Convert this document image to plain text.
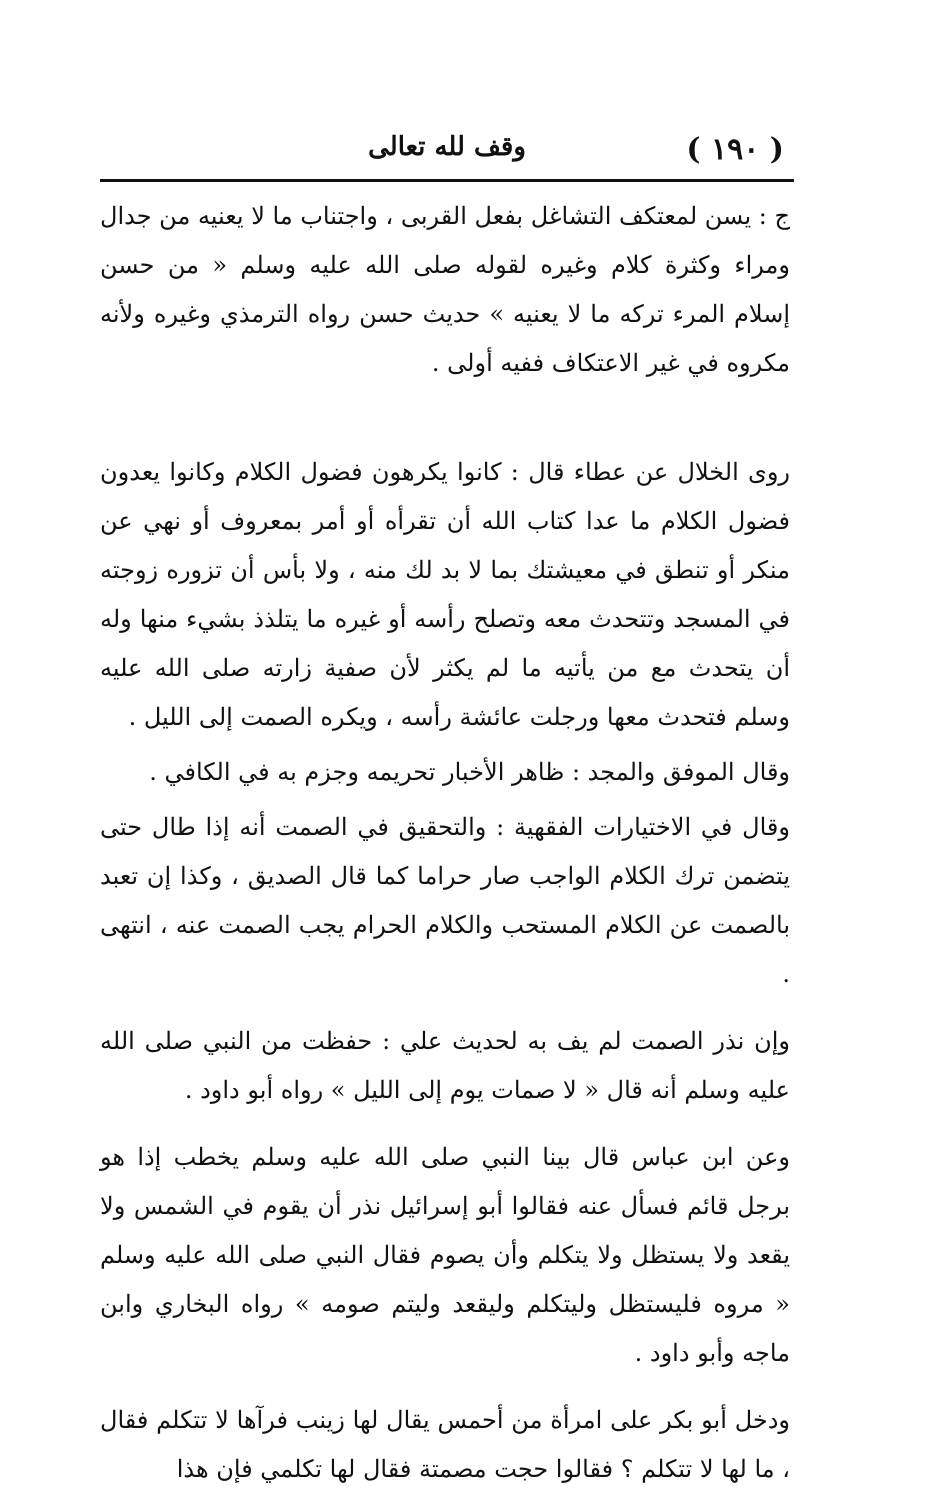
( ١٩٠ )
وقف لله تعالى

ج : يسن لمعتكف التشاغل بفعل القربى ، واجتناب ما لا يعنيه من جدال ومراء وكثرة كلام وغيره لقوله صلى الله عليه وسلم « من حسن إسلام المرء تركه ما لا يعنيه » حديث حسن رواه الترمذي وغيره ولأنه مكروه في غير الاعتكاف ففيه أولى .

روى الخلال عن عطاء قال : كانوا يكرهون فضول الكلام وكانوا يعدون فضول الكلام ما عدا كتاب الله أن تقرأه أو أمر بمعروف أو نهي عن منكر أو تنطق في معيشتك بما لا بد لك منه ، ولا بأس أن تزوره زوجته في المسجد وتتحدث معه وتصلح رأسه أو غيره ما يتلذذ بشيء منها وله أن يتحدث مع من يأتيه ما لم يكثر لأن صفية زارته صلى الله عليه وسلم فتحدث معها ورجلت عائشة رأسه ، ويكره الصمت إلى الليل .

وقال الموفق والمجد : ظاهر الأخبار تحريمه وجزم به في الكافي .

وقال في الاختيارات الفقهية : والتحقيق في الصمت أنه إذا طال حتى يتضمن ترك الكلام الواجب صار حراما كما قال الصديق ، وكذا إن تعبد بالصمت عن الكلام المستحب والكلام الحرام يجب الصمت عنه ، انتهى .

وإن نذر الصمت لم يف به لحديث علي : حفظت من النبي صلى الله عليه وسلم أنه قال « لا صمات يوم إلى الليل » رواه أبو داود .

وعن ابن عباس قال بينا النبي صلى الله عليه وسلم يخطب إذا هو برجل قائم فسأل عنه فقالوا أبو إسرائيل نذر أن يقوم في الشمس ولا يقعد ولا يستظل ولا يتكلم وأن يصوم فقال النبي صلى الله عليه وسلم « مروه فليستظل وليتكلم وليقعد وليتم صومه » رواه البخاري وابن ماجه وأبو داود .

ودخل أبو بكر على امرأة من أحمس يقال لها زينب فرآها لا تتكلم فقال ، ما لها لا تتكلم ؟ فقالوا حجت مصمتة فقال لها تكلمي فإن هذا
